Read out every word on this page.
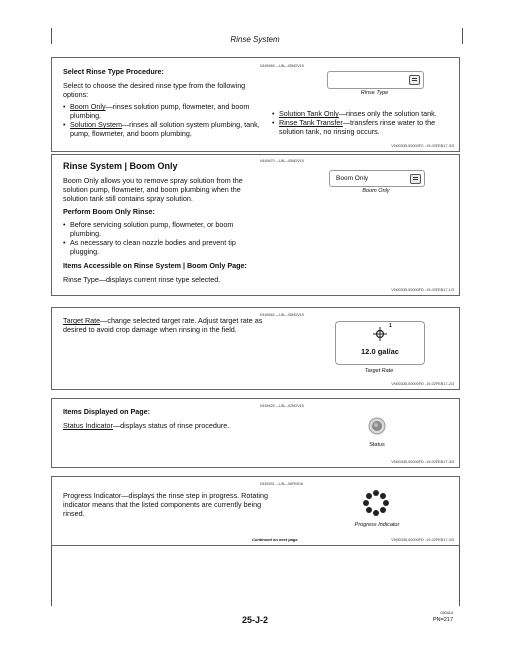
Rinse System
Select Rinse Type Procedure:
Select to choose the desired rinse type from the following options:
• Boom Only—rinses solution pump, flowmeter, and boom plumbing.
• Solution System—rinses all solution system plumbing, tank, pump, flowmeter, and boom plumbing.
N169469 —UN—05NOV15
Rinse Type
• Solution Tank Only—rinses only the solution tank.
• Rinse Tank Transfer—transfers rinse water to the solution tank, no rinsing occurs.
VN00335,00000FC -19-02FEB17-3/3
Rinse System | Boom Only
Boom Only allows you to remove spray solution from the solution pump, flowmeter, and boom plumbing when the solution tank still contains spray solution.
Perform Boom Only Rinse:
• Before servicing solution pump, flowmeter, or boom plumbing.
• As necessary to clean nozzle bodies and prevent tip plugging.
Items Accessible on Rinse System | Boom Only Page:
Rinse Type—displays current rinse type selected.
N169470 —UN—05NOV15
Boom Only
Boom Only
VN00335,00000FD -19-02FEB17-1/3
Target Rate—change selected target rate. Adjust target rate as desired to avoid crop damage when rinsing in the field.
N169462 —UN—05NOV15
1
12.0 gal/ac
Target Rate
VN00335,00000FD -19-02FEB17-2/3
Items Displayed on Page:
Status Indicator—displays status of rinse procedure.
N169425 —UN—02NOV15
Status
VN00335,00000FD -19-02FEB17-3/3
Progress Indicator—displays the rinse step in progress. Rotating indicator means that the listed components are currently being rinsed.
N169391 —UN—06FEB16
Progress Indicator
Continued on next page	VN00335,00000FD -19-02FEB17-4/3
25-J-2
020414
PN=217
